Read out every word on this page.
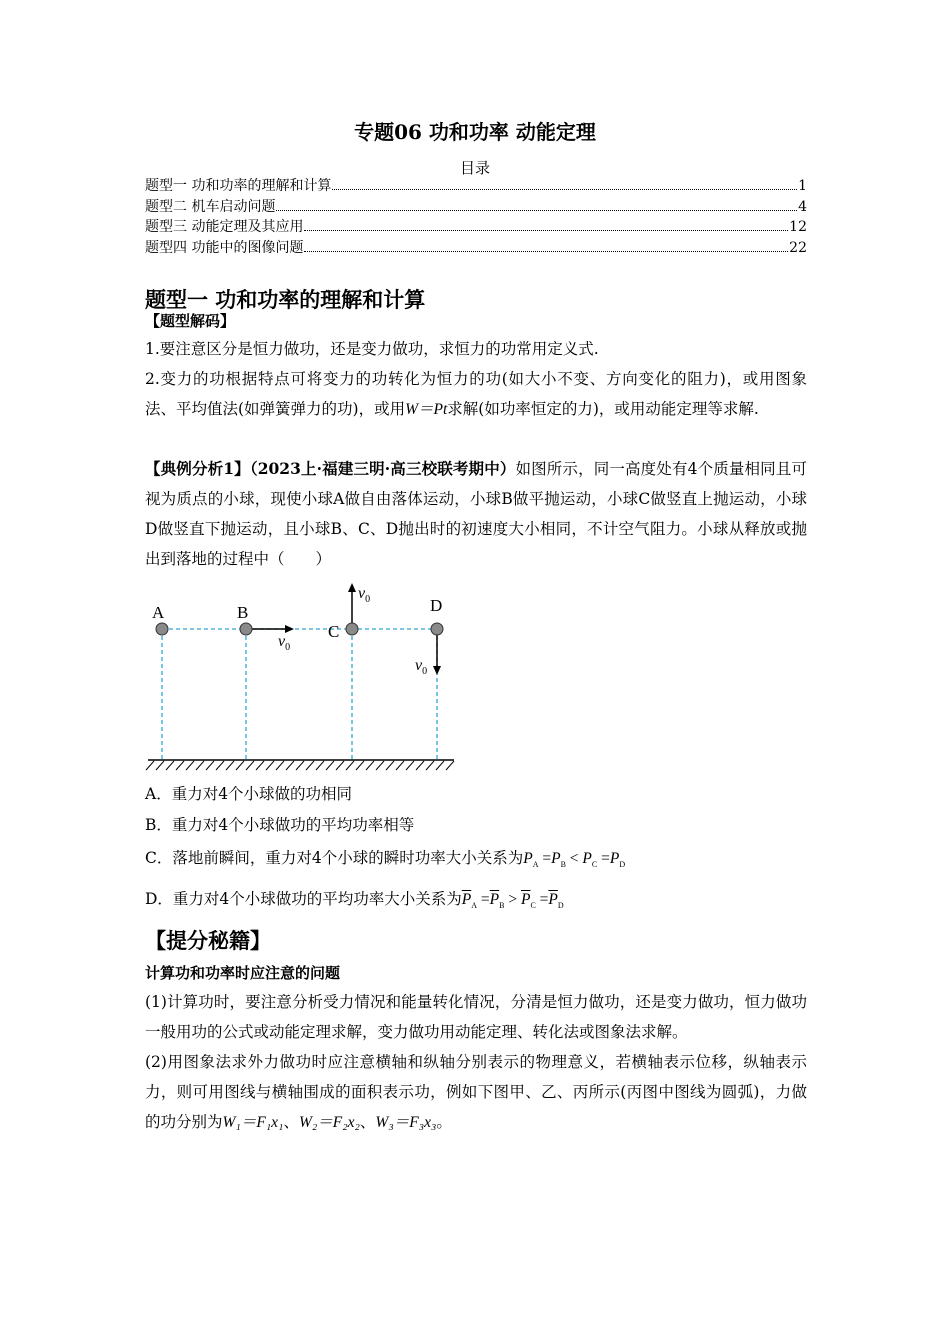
专题06 功和功率 动能定理
目录
题型一 功和功率的理解和计算	1
题型二 机车启动问题	4
题型三 动能定理及其应用	12
题型四 功能中的图像问题	22
题型一 功和功率的理解和计算
【题型解码】
1.要注意区分是恒力做功，还是变力做功，求恒力的功常用定义式.
2.变力的功根据特点可将变力的功转化为恒力的功(如大小不变、方向变化的阻力)，或用图象法、平均值法(如弹簧弹力的功)，或用W＝Pt求解(如功率恒定的力)，或用动能定理等求解.
【典例分析1】（2023上·福建三明·高三校联考期中）如图所示，同一高度处有4个质量相同且可视为质点的小球，现使小球A做自由落体运动，小球B做平抛运动，小球C做竖直上抛运动，小球D做竖直下抛运动，且小球B、C、D抛出时的初速度大小相同，不计空气阻力。小球从释放或抛出到落地的过程中（　　）
A	B
C
D
$v_0$
$v_0$
$v_0$
A．重力对4个小球做的功相同
B．重力对4个小球做功的平均功率相等
C．落地前瞬间，重力对4个小球的瞬时功率大小关系为$P_A =P_B < P_C =P_D$
D．重力对4个小球做功的平均功率大小关系为$\overline{P}_A =\overline{P}_B > \overline{P}_C =\overline{P}_D$
【提分秘籍】
计算功和功率时应注意的问题
(1)计算功时，要注意分析受力情况和能量转化情况，分清是恒力做功，还是变力做功，恒力做功一般用功的公式或动能定理求解，变力做功用动能定理、转化法或图象法求解。
(2)用图象法求外力做功时应注意横轴和纵轴分别表示的物理意义，若横轴表示位移，纵轴表示力，则可用图线与横轴围成的面积表示功，例如下图甲、乙、丙所示(丙图中图线为圆弧)，力做的功分别为W₁＝F₁x₁、W₂＝F₂x₂、W₃＝F₃x₃。
